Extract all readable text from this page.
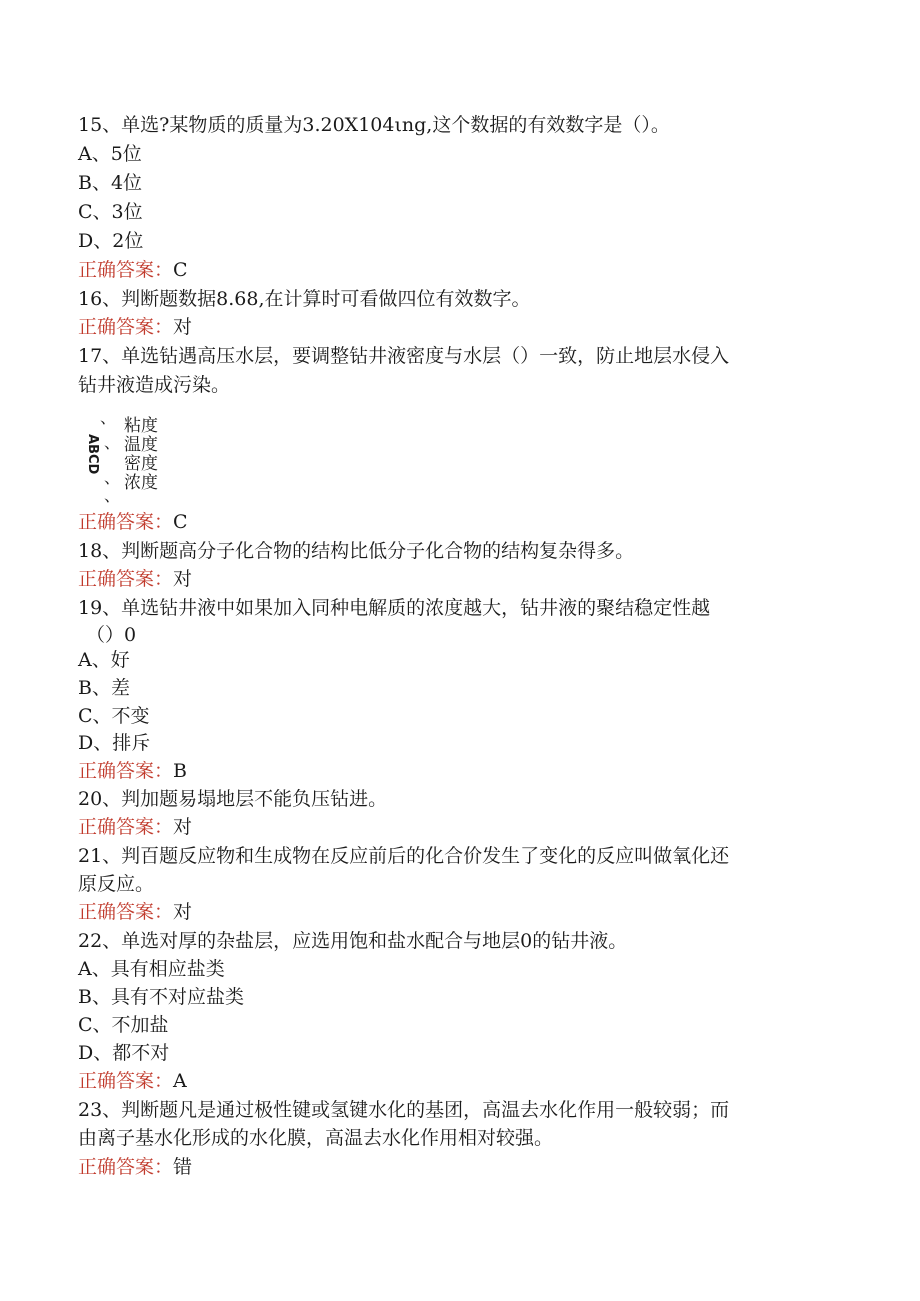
15、单选?某物质的质量为3.20X104ιng,这个数据的有效数字是（）。

A、5位

B、4位

C、3位

D、2位

正确答案：C

16、判断题数据8.68,在计算时可看做四位有效数字。

正确答案：对

17、单选钻遇高压水层，要调整钻井液密度与水层（）一致，防止地层水侵入

钻井液造成污染。

ABCD
、
、
、
、

粘度

温度

密度

浓度

正确答案：C

18、判断题高分子化合物的结构比低分子化合物的结构复杂得多。

正确答案：对

19、单选钻井液中如果加入同种电解质的浓度越大，钻井液的聚结稳定性越

（）0

A、好

B、差

C、不变

D、排斥

正确答案：B

20、判加题易塌地层不能负压钻进。

正确答案：对

21、判百题反应物和生成物在反应前后的化合价发生了变化的反应叫做氧化还

原反应。

正确答案：对

22、单选对厚的杂盐层，应选用饱和盐水配合与地层0的钻井液。

A、具有相应盐类

B、具有不对应盐类

C、不加盐

D、都不对

正确答案：A

23、判断题凡是通过极性键或氢键水化的基团，高温去水化作用一般较弱；而

由离子基水化形成的水化膜，高温去水化作用相对较强。

正确答案：错
